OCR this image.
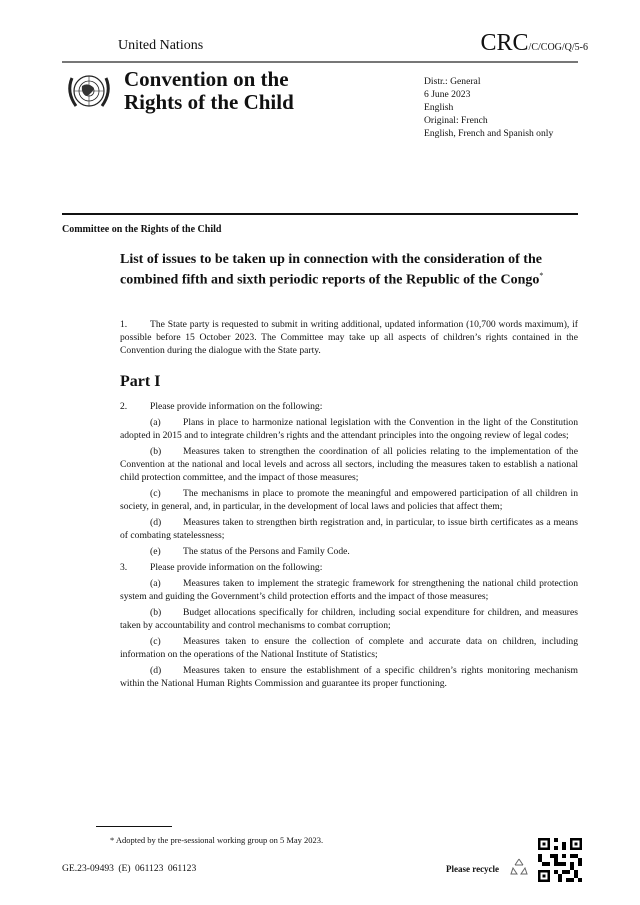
United Nations	CRC/C/COG/Q/5-6
Convention on the
Rights of the Child
Distr.: General
6 June 2023
English
Original: French
English, French and Spanish only
Committee on the Rights of the Child
List of issues to be taken up in connection with the consideration of the combined fifth and sixth periodic reports of the Republic of the Congo*

1. The State party is requested to submit in writing additional, updated information (10,700 words maximum), if possible before 15 October 2023. The Committee may take up all aspects of children’s rights contained in the Convention during the dialogue with the State party.

Part I

2. Please provide information on the following:

(a) Plans in place to harmonize national legislation with the Convention in the light of the Constitution adopted in 2015 and to integrate children’s rights and the attendant principles into the ongoing review of legal codes;

(b) Measures taken to strengthen the coordination of all policies relating to the implementation of the Convention at the national and local levels and across all sectors, including the measures taken to establish a national child protection committee, and the impact of those measures;

(c) The mechanisms in place to promote the meaningful and empowered participation of all children in society, in general, and, in particular, in the development of local laws and policies that affect them;

(d) Measures taken to strengthen birth registration and, in particular, to issue birth certificates as a means of combating statelessness;

(e) The status of the Persons and Family Code.

3. Please provide information on the following:

(a) Measures taken to implement the strategic framework for strengthening the national child protection system and guiding the Government’s child protection efforts and the impact of those measures;

(b) Budget allocations specifically for children, including social expenditure for children, and measures taken by accountability and control mechanisms to combat corruption;

(c) Measures taken to ensure the collection of complete and accurate data on children, including information on the operations of the National Institute of Statistics;

(d) Measures taken to ensure the establishment of a specific children’s rights monitoring mechanism within the National Human Rights Commission and guarantee its proper functioning.

* Adopted by the pre-sessional working group on 5 May 2023.
GE.23-09493 (E) 061123 061123	Please recycle
